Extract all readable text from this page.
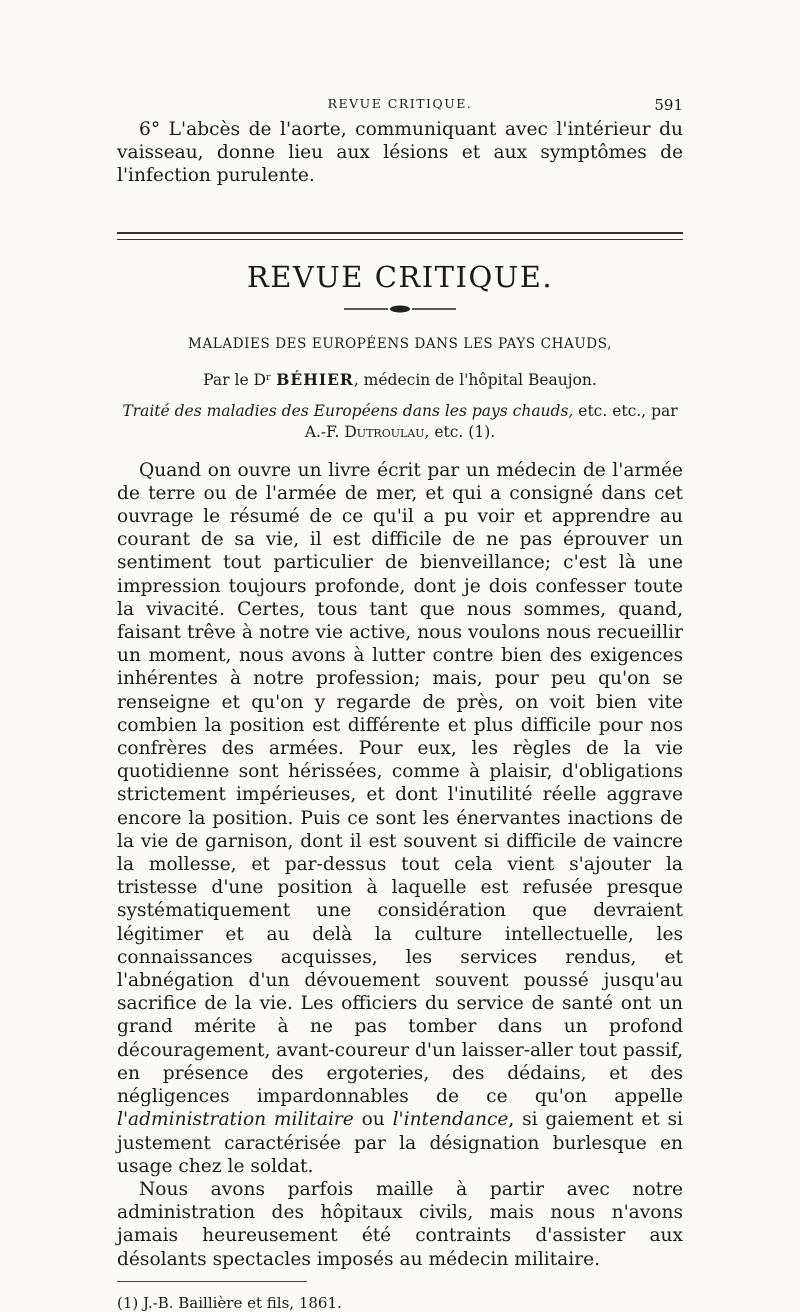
REVUE CRITIQUE.	591

6° L'abcès de l'aorte, communiquant avec l'intérieur du vaisseau, donne lieu aux lésions et aux symptômes de l'infection purulente.

REVUE CRITIQUE.

MALADIES DES EUROPÉENS DANS LES PAYS CHAUDS,

Par le Dʳ BÉHIER, médecin de l'hôpital Beaujon.

Traité des maladies des Européens dans les pays chauds, etc. etc., par
A.-F. Dutroulau, etc. (1).

Quand on ouvre un livre écrit par un médecin de l'armée de terre ou de l'armée de mer, et qui a consigné dans cet ouvrage le résumé de ce qu'il a pu voir et apprendre au courant de sa vie, il est difficile de ne pas éprouver un sentiment tout particulier de bienveillance; c'est là une impression toujours profonde, dont je dois confesser toute la vivacité. Certes, tous tant que nous sommes, quand, faisant trêve à notre vie active, nous voulons nous recueillir un moment, nous avons à lutter contre bien des exigences inhérentes à notre profession; mais, pour peu qu'on se renseigne et qu'on y regarde de près, on voit bien vite combien la position est différente et plus difficile pour nos confrères des armées. Pour eux, les règles de la vie quotidienne sont hérissées, comme à plaisir, d'obligations strictement impérieuses, et dont l'inutilité réelle aggrave encore la position. Puis ce sont les énervantes inactions de la vie de garnison, dont il est souvent si difficile de vaincre la mollesse, et par-dessus tout cela vient s'ajouter la tristesse d'une position à laquelle est refusée presque systématiquement une considération que devraient légitimer et au delà la culture intellectuelle, les connaissances acquisses, les services rendus, et l'abnégation d'un dévouement souvent poussé jusqu'au sacrifice de la vie. Les officiers du service de santé ont un grand mérite à ne pas tomber dans un profond découragement, avant-coureur d'un laisser-aller tout passif, en présence des ergoteries, des dédains, et des négligences impardonnables de ce qu'on appelle l'administration militaire ou l'intendance, si gaiement et si justement caractérisée par la désignation burlesque en usage chez le soldat.

Nous avons parfois maille à partir avec notre administration des hôpitaux civils, mais nous n'avons jamais heureusement été contraints d'assister aux désolants spectacles imposés au médecin militaire.

(1) J.-B. Baillière et fils, 1861.
